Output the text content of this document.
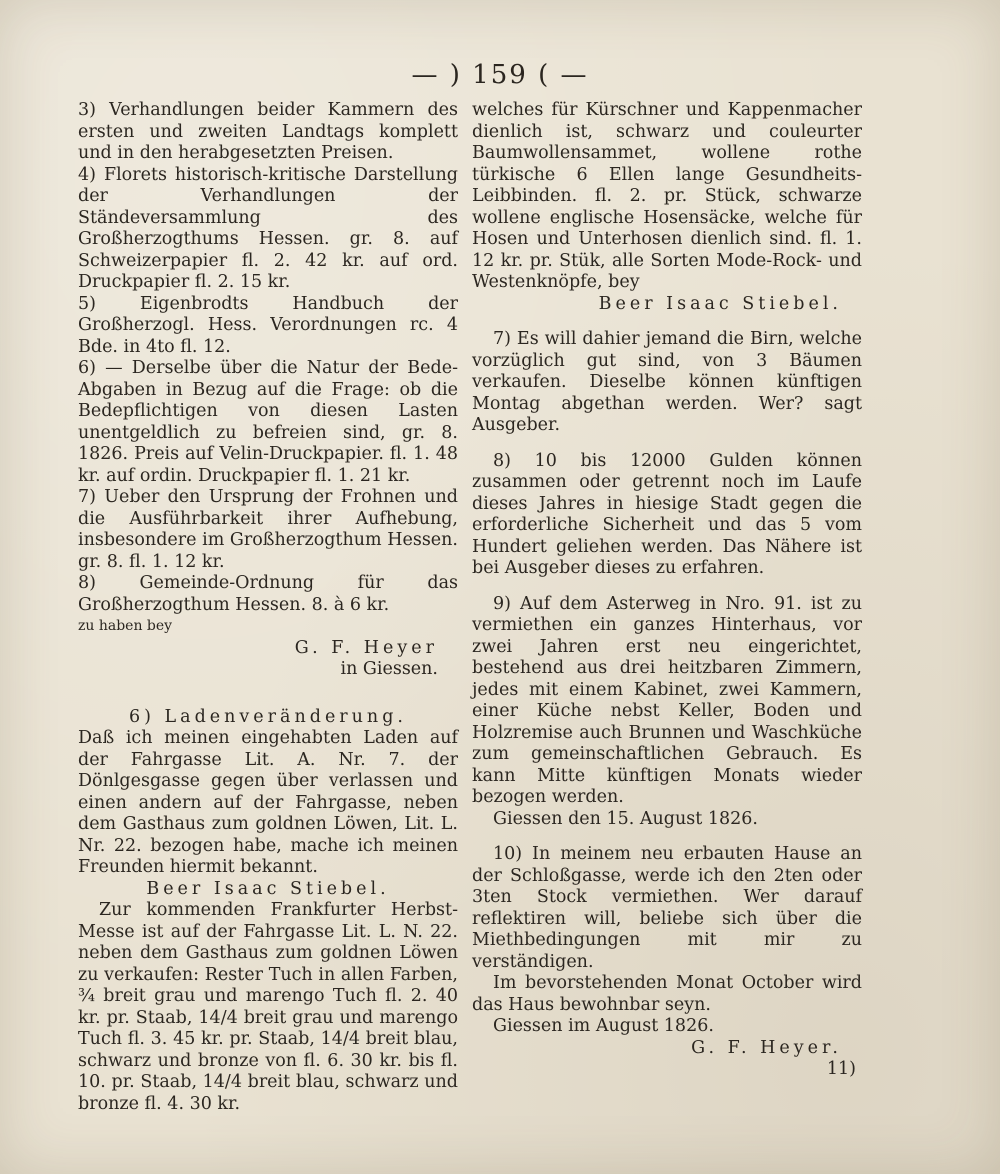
— ) 159 ( —

3) Verhandlungen beider Kammern des ersten und zweiten Landtags komplett und in den herabgesetzten Preisen.

4) Florets historisch-kritische Darstellung der Verhandlungen der Ständeversammlung des Großherzogthums Hessen. gr. 8. auf Schweizerpapier fl. 2. 42 kr. auf ord. Druckpapier fl. 2. 15 kr.

5) Eigenbrodts Handbuch der Großherzogl. Hess. Verordnungen rc. 4 Bde. in 4to fl. 12.

6) — Derselbe über die Natur der Bede-Abgaben in Bezug auf die Frage: ob die Bedepflichtigen von diesen Lasten unentgeldlich zu befreien sind, gr. 8. 1826. Preis auf Velin-Druckpapier. fl. 1. 48 kr. auf ordin. Druckpapier fl. 1. 21 kr.

7) Ueber den Ursprung der Frohnen und die Ausführbarkeit ihrer Aufhebung, insbesondere im Großherzogthum Hessen. gr. 8. fl. 1. 12 kr.

8) Gemeinde-Ordnung für das Großherzogthum Hessen. 8. à 6 kr.

zu haben bey

G. F. Heyer

in Giessen.

6) Ladenveränderung.

Daß ich meinen eingehabten Laden auf der Fahrgasse Lit. A. Nr. 7. der Dönlgesgasse gegen über verlassen und einen andern auf der Fahrgasse, neben dem Gasthaus zum goldnen Löwen, Lit. L. Nr. 22. bezogen habe, mache ich meinen Freunden hiermit bekannt.

Beer Isaac Stiebel.

Zur kommenden Frankfurter Herbst-Messe ist auf der Fahrgasse Lit. L. N. 22. neben dem Gasthaus zum goldnen Löwen zu verkaufen: Rester Tuch in allen Farben, ¾ breit grau und marengo Tuch fl. 2. 40 kr. pr. Staab, 14/4 breit grau und marengo Tuch fl. 3. 45 kr. pr. Staab, 14/4 breit blau, schwarz und bronze von fl. 6. 30 kr. bis fl. 10. pr. Staab, 14/4 breit blau, schwarz und bronze fl. 4. 30 kr.

welches für Kürschner und Kappenmacher dienlich ist, schwarz und couleurter Baumwollensammet, wollene rothe türkische 6 Ellen lange Gesundheits-Leibbinden. fl. 2. pr. Stück, schwarze wollene englische Hosensäcke, welche für Hosen und Unterhosen dienlich sind. fl. 1. 12 kr. pr. Stük, alle Sorten Mode-Rock- und Westenknöpfe, bey

Beer Isaac Stiebel.

7) Es will dahier jemand die Birn, welche vorzüglich gut sind, von 3 Bäumen verkaufen. Dieselbe können künftigen Montag abgethan werden. Wer? sagt Ausgeber.

8) 10 bis 12000 Gulden können zusammen oder getrennt noch im Laufe dieses Jahres in hiesige Stadt gegen die erforderliche Sicherheit und das 5 vom Hundert geliehen werden. Das Nähere ist bei Ausgeber dieses zu erfahren.

9) Auf dem Asterweg in Nro. 91. ist zu vermiethen ein ganzes Hinterhaus, vor zwei Jahren erst neu eingerichtet, bestehend aus drei heitzbaren Zimmern, jedes mit einem Kabinet, zwei Kammern, einer Küche nebst Keller, Boden und Holzremise auch Brunnen und Waschküche zum gemeinschaftlichen Gebrauch. Es kann Mitte künftigen Monats wieder bezogen werden.

Giessen den 15. August 1826.

10) In meinem neu erbauten Hause an der Schloßgasse, werde ich den 2ten oder 3ten Stock vermiethen. Wer darauf reflektiren will, beliebe sich über die Miethbedingungen mit mir zu verständigen.

Im bevorstehenden Monat October wird das Haus bewohnbar seyn.

Giessen im August 1826.

G. F. Heyer.

11)
